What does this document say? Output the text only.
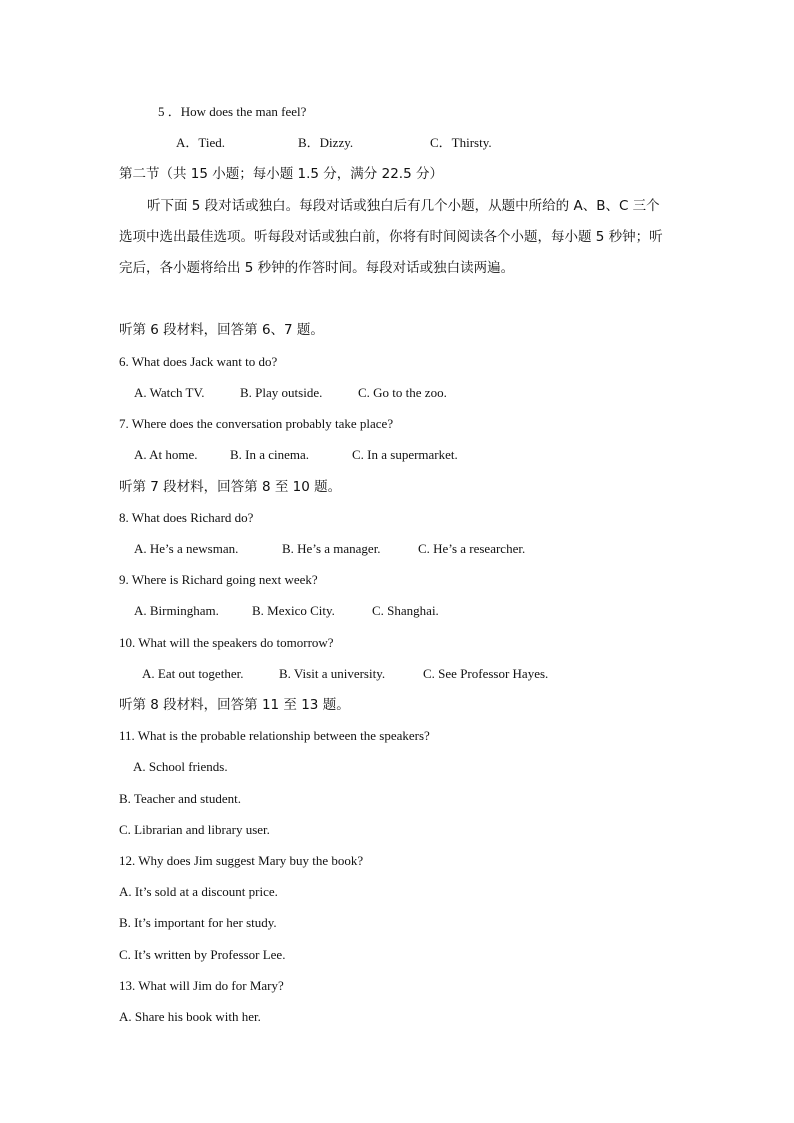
5 ．How does the man feel?
A．Tied.	B．Dizzy.	C．Thirsty.
第二节（共 15 小题；每小题 1.5 分，满分 22.5 分）
听下面 5 段对话或独白。每段对话或独白后有几个小题，从题中所给的 A、B、C 三个
选项中选出最佳选项。听每段对话或独白前，你将有时间阅读各个小题，每小题 5 秒钟；听
完后，各小题将给出 5 秒钟的作答时间。每段对话或独白读两遍。
听第 6 段材料，回答第 6、7 题。
6. What does Jack want to do?
A. Watch TV.	B. Play outside.	C. Go to the zoo.
7. Where does the conversation probably take place?
A. At home. B. In a cinema.	C. In a supermarket.
听第 7 段材料，回答第 8 至 10 题。
8. What does Richard do?
A. He’s a newsman.	B. He’s a manager.	C. He’s a researcher.
9. Where is Richard going next week?
A. Birmingham.	B. Mexico City.	C. Shanghai.
10. What will the speakers do tomorrow?
A. Eat out together.	B. Visit a university.	C. See Professor Hayes.
听第 8 段材料，回答第 11 至 13 题。
11. What is the probable relationship between the speakers?
A. School friends.
B. Teacher and student.
C. Librarian and library user.
12. Why does Jim suggest Mary buy the book?
A. It’s sold at a discount price.
B. It’s important for her study.
C. It’s written by Professor Lee.
13. What will Jim do for Mary?
A. Share his book with her.
